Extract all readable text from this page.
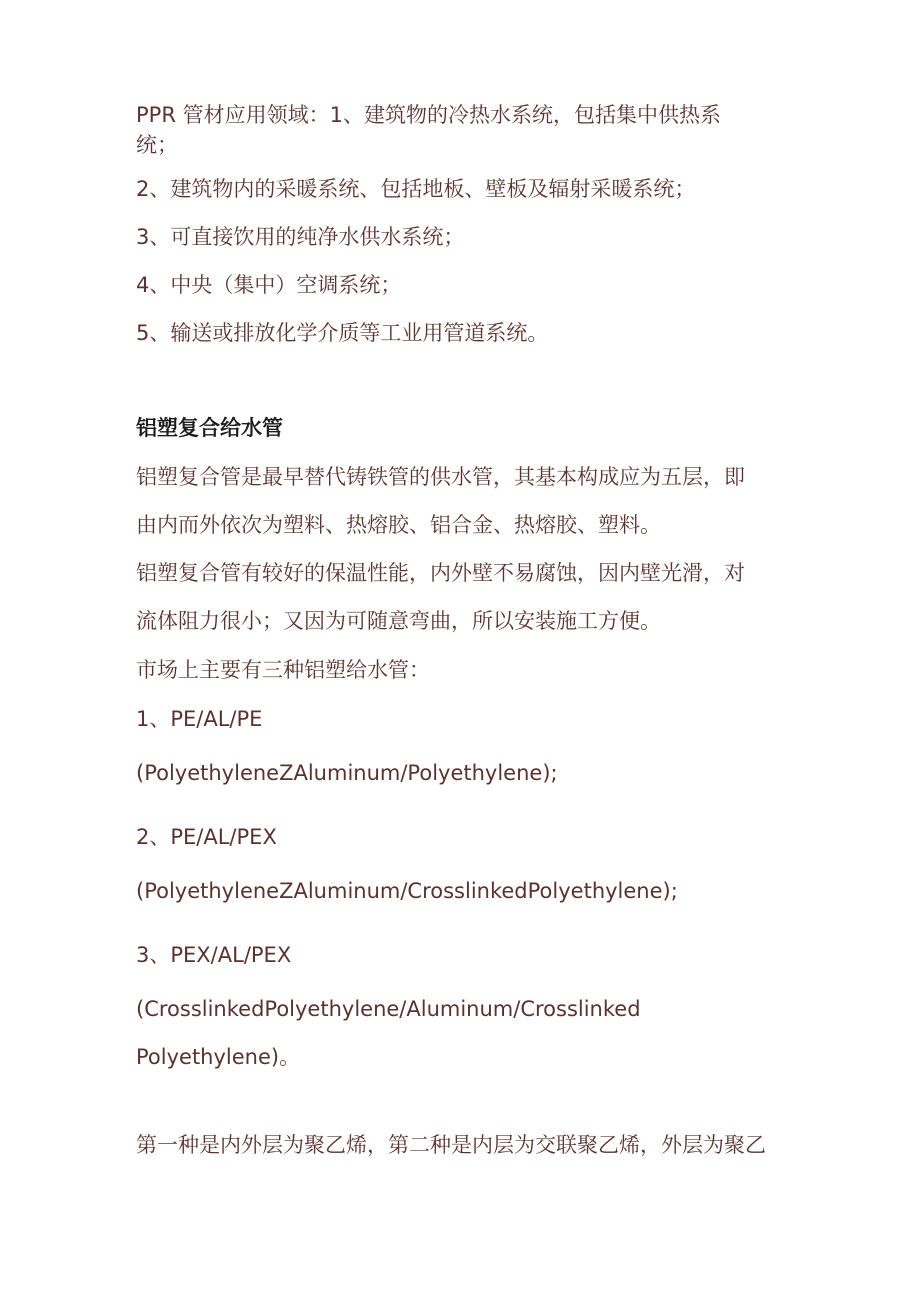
PPR 管材应用领域：1、建筑物的冷热水系统，包括集中供热系
统；
2、建筑物内的采暖系统、包括地板、壁板及辐射采暖系统；
3、可直接饮用的纯净水供水系统；
4、中央（集中）空调系统；
5、输送或排放化学介质等工业用管道系统。
铝塑复合给水管
铝塑复合管是最早替代铸铁管的供水管，其基本构成应为五层，即
由内而外依次为塑料、热熔胶、铝合金、热熔胶、塑料。
铝塑复合管有较好的保温性能，内外壁不易腐蚀，因内壁光滑，对
流体阻力很小；又因为可随意弯曲，所以安装施工方便。
市场上主要有三种铝塑给水管：
1、PE/AL/PE
(PolyethyleneZAluminum/Polyethylene);
2、PE/AL/PEX
(PolyethyleneZAluminum/CrosslinkedPolyethylene);
3、PEX/AL/PEX
(CrosslinkedPolyethylene/Aluminum/Crosslinked
Polyethylene)。
第一种是内外层为聚乙烯，第二种是内层为交联聚乙烯，外层为聚乙
